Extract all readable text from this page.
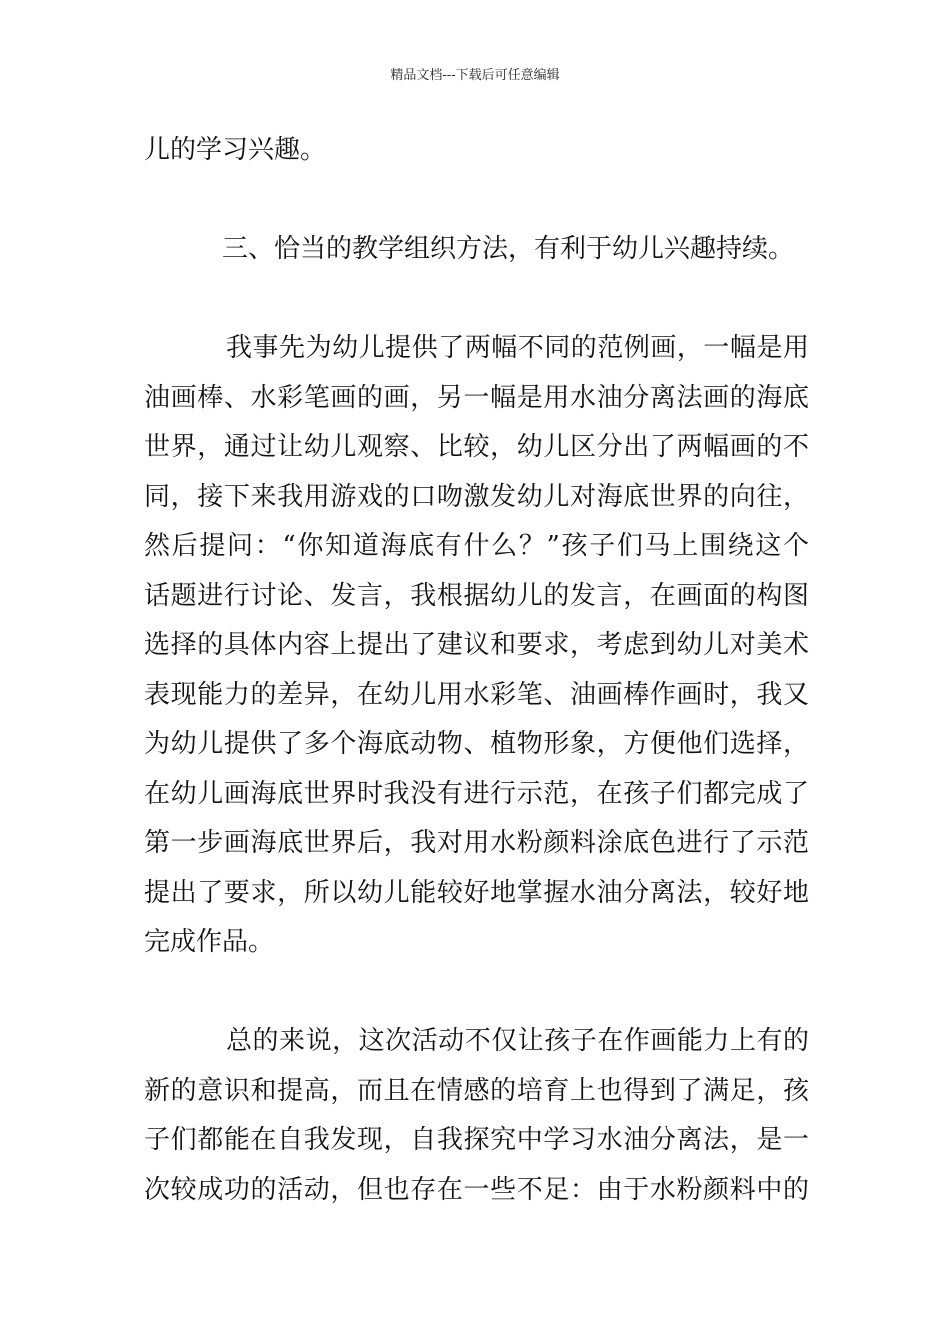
精品文档---下载后可任意编辑

儿的学习兴趣。

三、恰当的教学组织方法，有利于幼儿兴趣持续。

我事先为幼儿提供了两幅不同的范例画，一幅是用

油画棒、水彩笔画的画，另一幅是用水油分离法画的海底

世界，通过让幼儿观察、比较，幼儿区分出了两幅画的不

同，接下来我用游戏的口吻激发幼儿对海底世界的向往，

然后提问：“你知道海底有什么？”孩子们马上围绕这个

话题进行讨论、发言，我根据幼儿的发言，在画面的构图

选择的具体内容上提出了建议和要求，考虑到幼儿对美术

表现能力的差异，在幼儿用水彩笔、油画棒作画时，我又

为幼儿提供了多个海底动物、植物形象，方便他们选择，

在幼儿画海底世界时我没有进行示范，在孩子们都完成了

第一步画海底世界后，我对用水粉颜料涂底色进行了示范

提出了要求，所以幼儿能较好地掌握水油分离法，较好地

完成作品。

总的来说，这次活动不仅让孩子在作画能力上有的

新的意识和提高，而且在情感的培育上也得到了满足，孩

子们都能在自我发现，自我探究中学习水油分离法，是一

次较成功的活动，但也存在一些不足：由于水粉颜料中的
